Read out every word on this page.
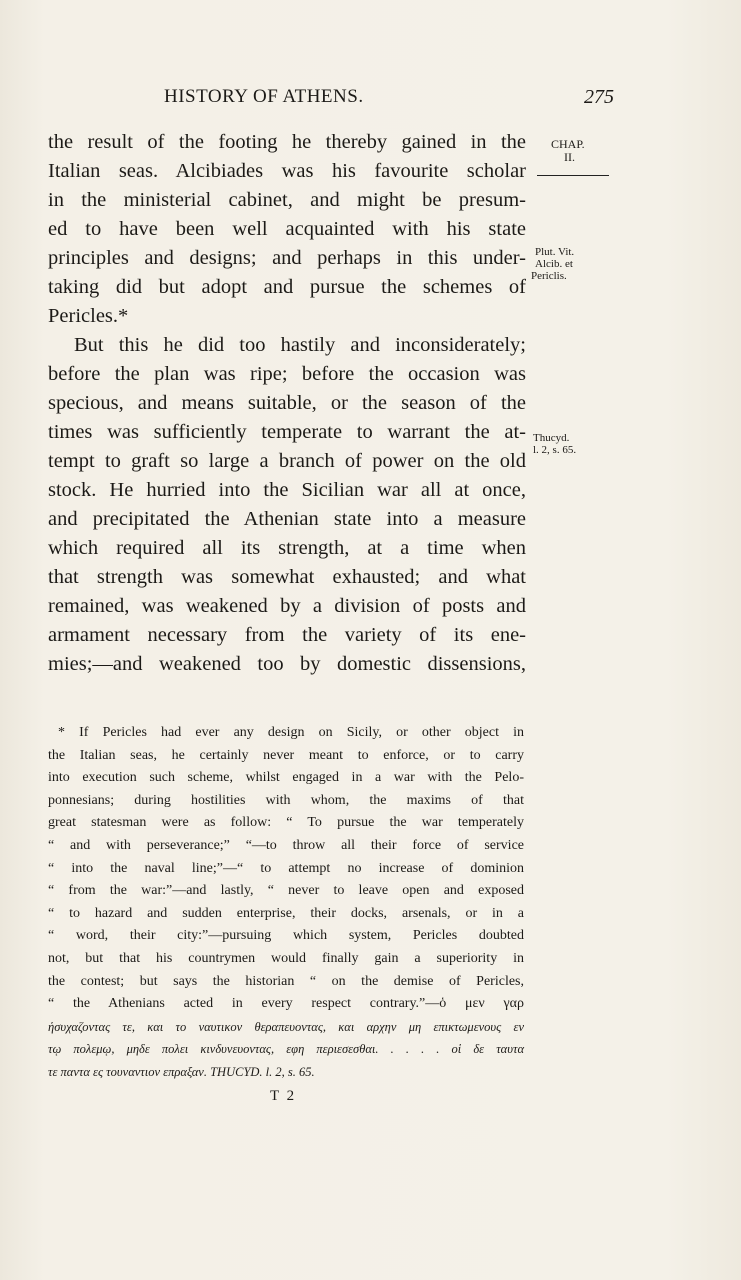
HISTORY OF ATHENS.	275
CHAP.
II.
Plut. Vit.
Alcib. et
Periclis.
Thucyd.
l. 2, s. 65.
the result of the footing he thereby gained in the
Italian seas. Alcibiades was his favourite scholar
in the ministerial cabinet, and might be presum-
ed to have been well acquainted with his state
principles and designs; and perhaps in this under-
taking did but adopt and pursue the schemes of
Pericles.*
But this he did too hastily and inconsiderately;
before the plan was ripe; before the occasion was
specious, and means suitable, or the season of the
times was sufficiently temperate to warrant the at-
tempt to graft so large a branch of power on the old
stock. He hurried into the Sicilian war all at once,
and precipitated the Athenian state into a measure
which required all its strength, at a time when
that strength was somewhat exhausted; and what
remained, was weakened by a division of posts and
armament necessary from the variety of its ene-
mies;—and weakened too by domestic dissensions,
* If Pericles had ever any design on Sicily, or other object in
the Italian seas, he certainly never meant to enforce, or to carry
into execution such scheme, whilst engaged in a war with the Pelo-
ponnesians; during hostilities with whom, the maxims of that
great statesman were as follow: “ To pursue the war temperately
“ and with perseverance;” “—to throw all their force of service
“ into the naval line;”—“ to attempt no increase of dominion
“ from the war:”—and lastly, “ never to leave open and exposed
“ to hazard and sudden enterprise, their docks, arsenals, or in a
“ word, their city:”—pursuing which system, Pericles doubted
not, but that his countrymen would finally gain a superiority in
the contest; but says the historian “ on the demise of Pericles,
“ the Athenians acted in every respect contrary.”—ὁ μεν γαρ
ἡσυχαζοντας τε, και το ναυτικον θεραπευοντας, και αρχην μη επικτωμενους εν
τῳ πολεμῳ, μηδε πολει κινδυνευοντας, εφη περιεσεσθαι. . . . . οἱ δε ταυτα
τε παντα ες τουναντιον επραξαν. THUCYD. l. 2, s. 65.
T 2
